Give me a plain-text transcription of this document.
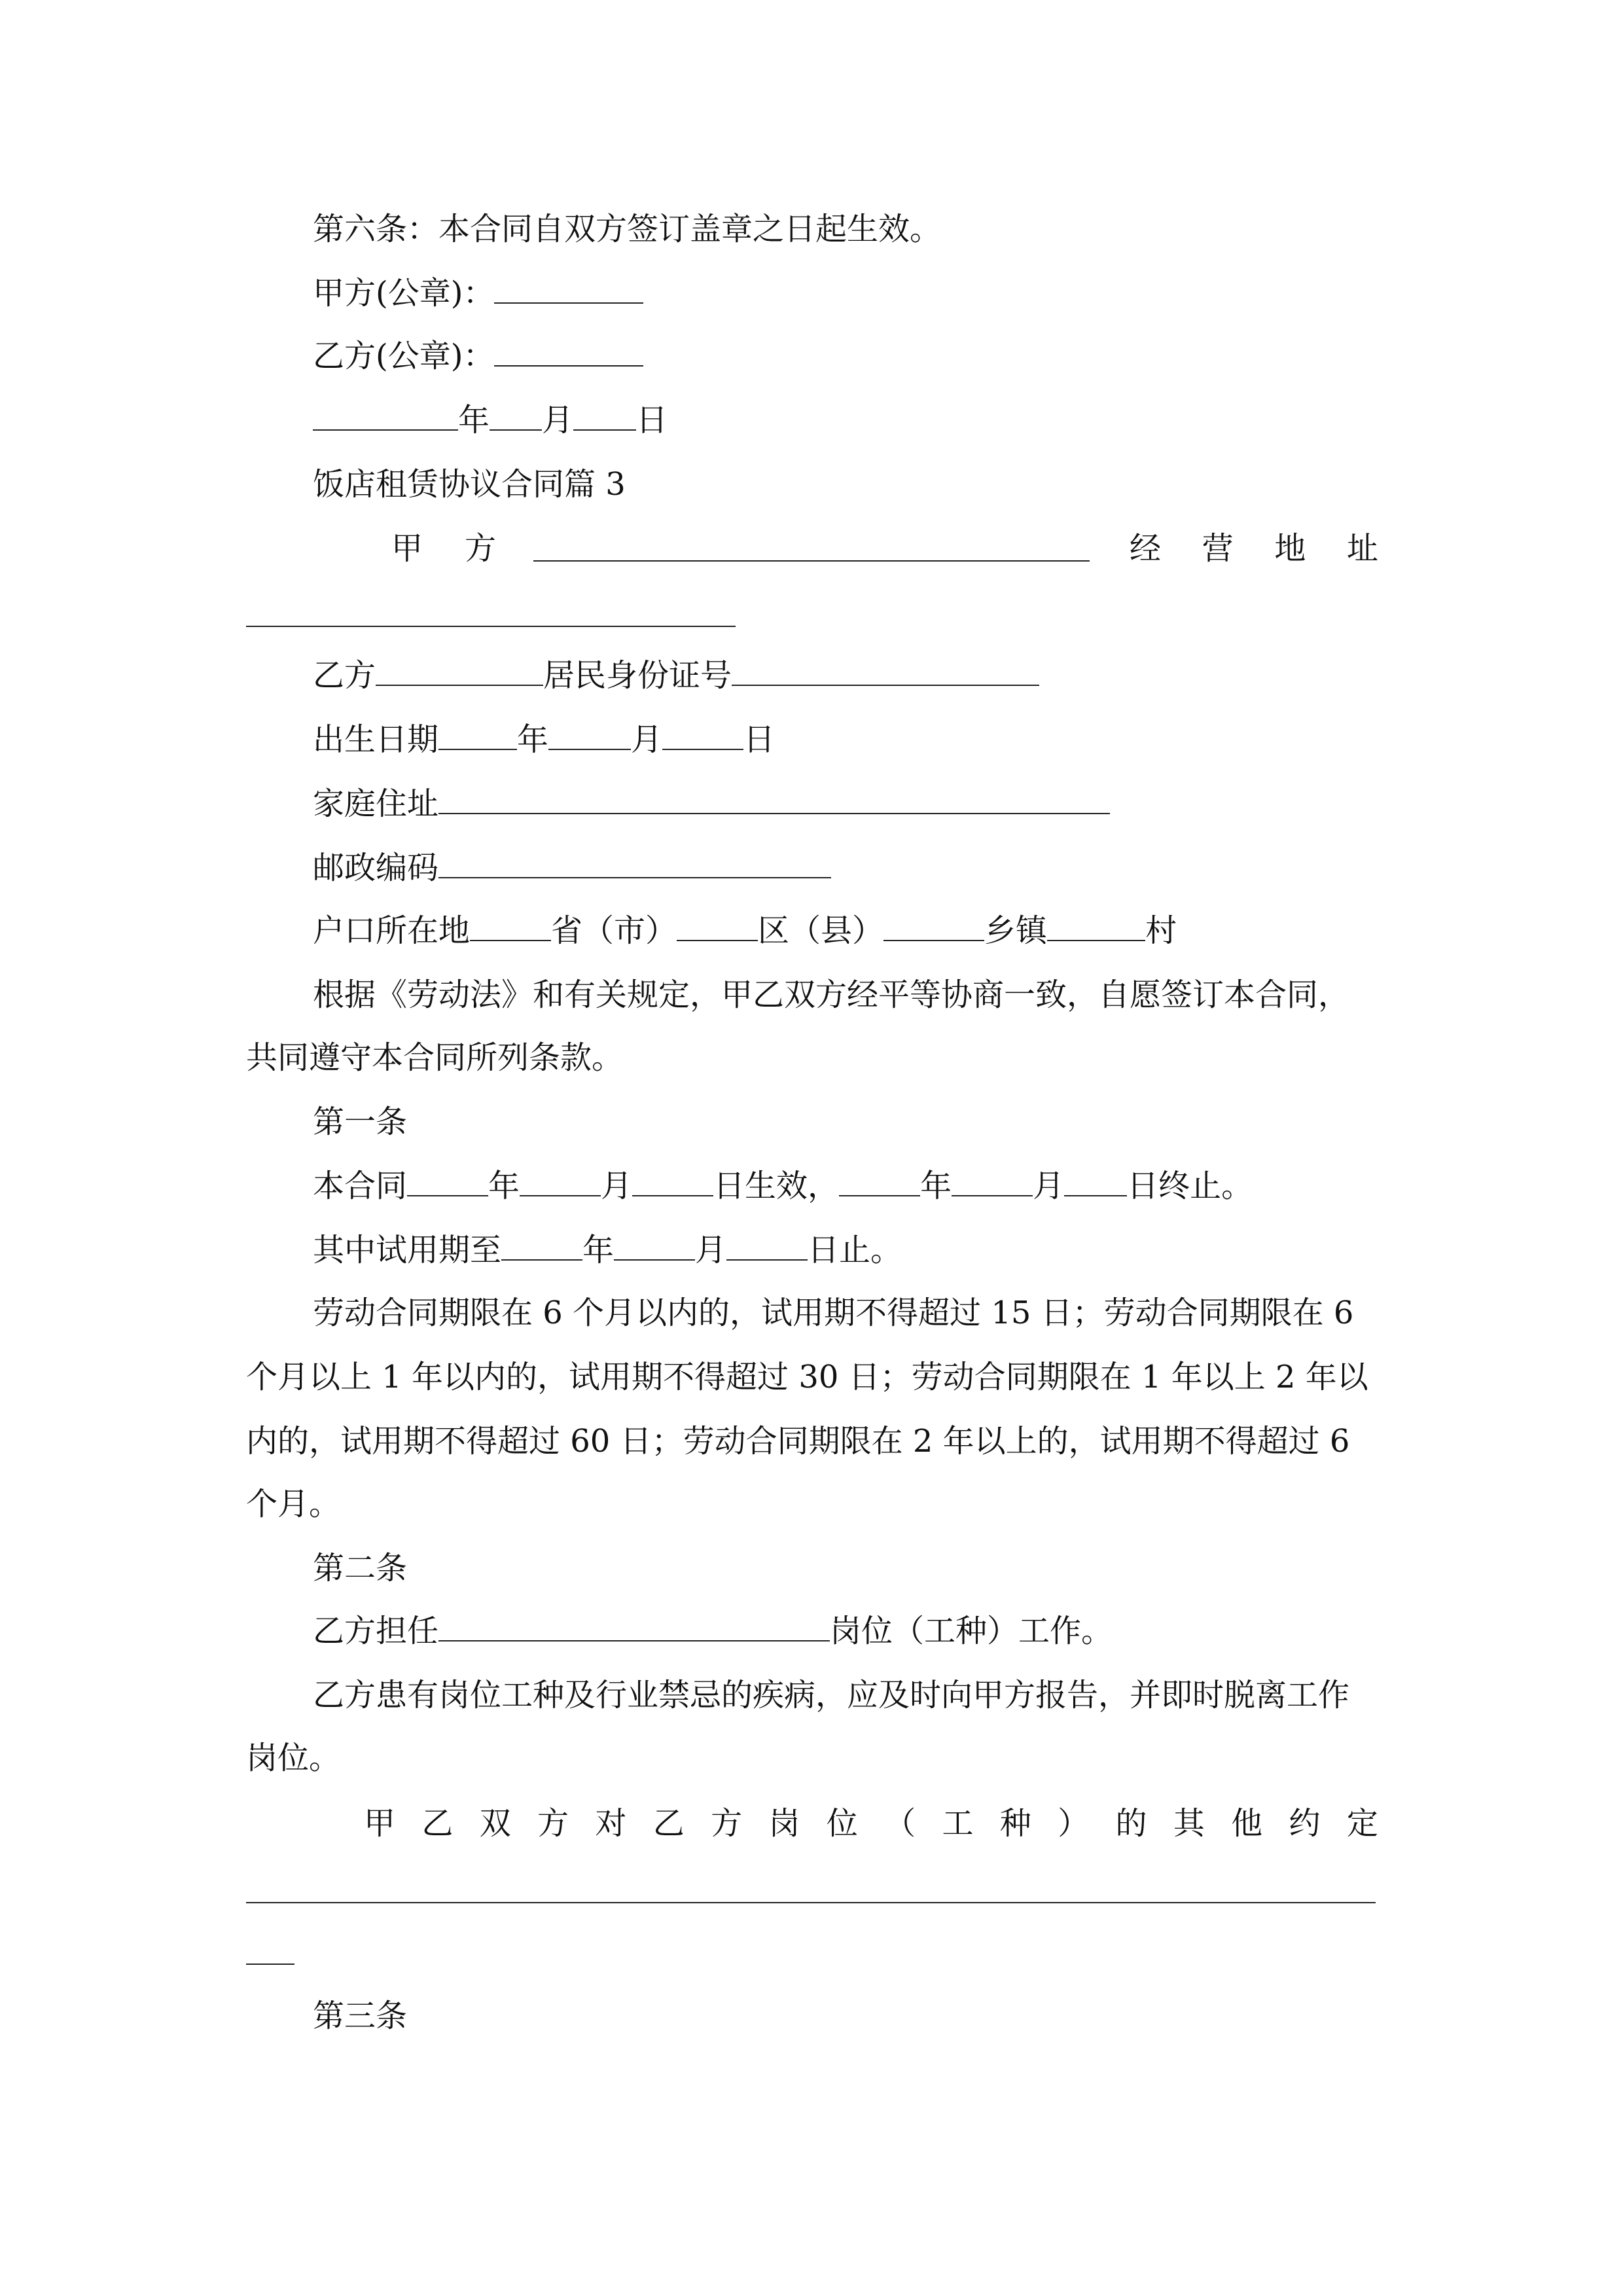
第六条：本合同自双方签订盖章之日起生效。
甲方(公章)：
乙方(公章)：
年 月 日
饭店租赁协议合同篇 3
甲 方	经 营 地 址
乙方	居民身份证号
出生日期	年	月	日
家庭住址
邮政编码
户口所在地	省（市）	区（县）	乡镇	村
根据《劳动法》和有关规定，甲乙双方经平等协商一致，自愿签订本合同，
共同遵守本合同所列条款。
第一条
本合同	年	月	日生效，	年	月 日终止。
其中试用期至	年	月	日止。
劳动合同期限在 6 个月以内的，试用期不得超过 15 日；劳动合同期限在 6
个月以上 1 年以内的，试用期不得超过 30 日；劳动合同期限在 1 年以上 2 年以
内的，试用期不得超过 60 日；劳动合同期限在 2 年以上的，试用期不得超过 6
个月。
第二条
乙方担任	岗位（工种）工作。
乙方患有岗位工种及行业禁忌的疾病，应及时向甲方报告，并即时脱离工作
岗位。
甲 乙 双 方 对 乙 方 岗 位 （ 工 种 ） 的 其 他 约 定
第三条
